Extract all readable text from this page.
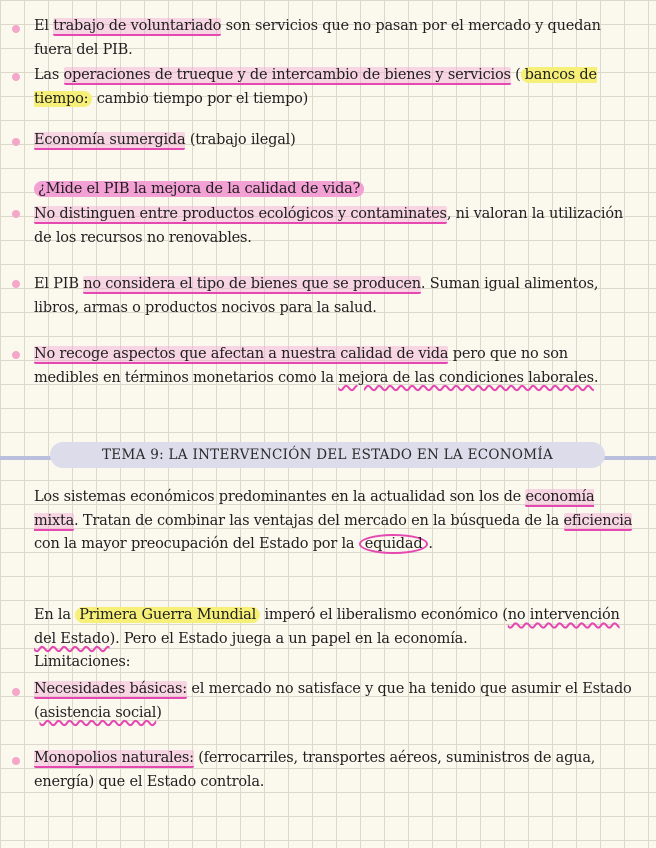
El trabajo de voluntariado son servicios que no pasan por el mercado y quedan fuera del PIB.
Las operaciones de trueque y de intercambio de bienes y servicios ( bancos de tiempo: cambio tiempo por el tiempo)
Economía sumergida (trabajo ilegal)
¿Mide el PIB la mejora de la calidad de vida?
No distinguen entre productos ecológicos y contaminates, ni valoran la utilización de los recursos no renovables.
El PIB no considera el tipo de bienes que se producen. Suman igual alimentos, libros, armas o productos nocivos para la salud.
No recoge aspectos que afectan a nuestra calidad de vida pero que no son medibles en términos monetarios como la mejora de las condiciones laborales.
TEMA 9: LA INTERVENCIÓN DEL ESTADO EN LA ECONOMÍA
Los sistemas económicos predominantes en la actualidad son los de economía mixta. Tratan de combinar las ventajas del mercado en la búsqueda de la eficiencia con la mayor preocupación del Estado por la equidad .
En la Primera Guerra Mundial imperó el liberalismo económico (no intervención del Estado). Pero el Estado juega a un papel en la economía.
Limitaciones:
Necesidades básicas: el mercado no satisface y que ha tenido que asumir el Estado (asistencia social)
Monopolios naturales: (ferrocarriles, transportes aéreos, suministros de agua, energía) que el Estado controla.
